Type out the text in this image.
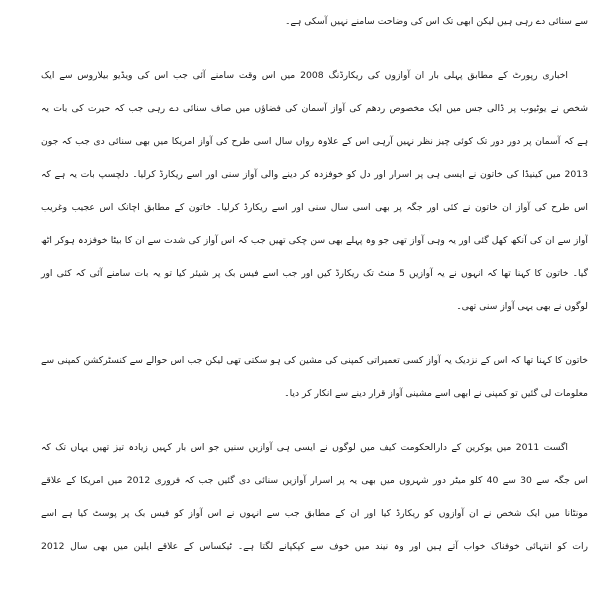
سے سنائی دے رہی ہیں لیکن ابھی تک اس کی وضاحت سامنے نہیں آسکی ہے۔
اخباری رپورٹ کے مطابق پہلی بار ان آوازوں کی ریکارڈنگ 2008 میں اس وقت سامنے آئی جب اس کی ویڈیو بیلاروس سے ایک
شخص نے یوٹیوب پر ڈالی جس میں ایک مخصوص ردھم کی آواز آسمان کی فضاؤں میں صاف سنائی دے رہی جب کہ حیرت کی بات یہ
ہے کہ آسمان پر دور دور تک کوئی چیز نظر نہیں آرہی اس کے علاوہ رواں سال اسی طرح کی آواز امریکا میں بھی سنائی دی جب کہ جون
2013 میں کینیڈا کی خاتون نے ایسی ہی پر اسرار اور دل کو خوفزدہ کر دینے والی آواز سنی اور اسے ریکارڈ کرلیا۔ دلچسپ بات یہ ہے کہ
اس طرح کی آواز ان خاتون نے کئی اور جگہ پر بھی اسی سال سنی اور اسے ریکارڈ کرلیا۔ خاتون کے مطابق اچانک اس عجیب وغریب
آواز سے ان کی آنکھ کھل گئی اور یہ وہی آواز تھی جو وہ پہلے بھی سن چکی تھیں جب کہ اس آواز کی شدت سے ان کا بیٹا خوفزدہ ہوکر اٹھ
گیا۔ خاتون کا کہنا تھا کہ انہوں نے یہ آوازیں 5 منٹ تک ریکارڈ کیں اور جب اسے فیس بک پر شیئر کیا تو یہ بات سامنے آئی کہ کئی اور
لوگوں نے بھی یہی آواز سنی تھی۔
خاتون کا کہنا تھا کہ اس کے نزدیک یہ آواز کسی تعمیراتی کمپنی کی مشین کی ہو سکتی تھی لیکن جب اس حوالے سے کنسٹرکشن کمپنی سے
معلومات لی گئیں تو کمپنی نے ابھی اسے مشینی آواز قرار دینے سے انکار کر دیا۔
اگست 2011 میں یوکرین کے دارالحکومت کیف میں لوگوں نے ایسی ہی آوازیں سنیں جو اس بار کہیں زیادہ تیز تھیں یہاں تک کہ
اس جگہ سے 30 سے 40 کلو میٹر دور شہروں میں بھی یہ پر اسرار آوازیں سنائی دی گئیں جب کہ فروری 2012 میں امریکا کے علاقے
مونٹانا میں ایک شخص نے ان آوازوں کو ریکارڈ کیا اور ان کے مطابق جب سے انہوں نے اس آواز کو فیس بک پر پوسٹ کیا ہے اسے
رات کو انتہائی خوفناک خواب آتے ہیں اور وہ نیند میں خوف سے کپکپانے لگتا ہے۔ ٹیکساس کے علاقے ایلین میں بھی سال 2012
